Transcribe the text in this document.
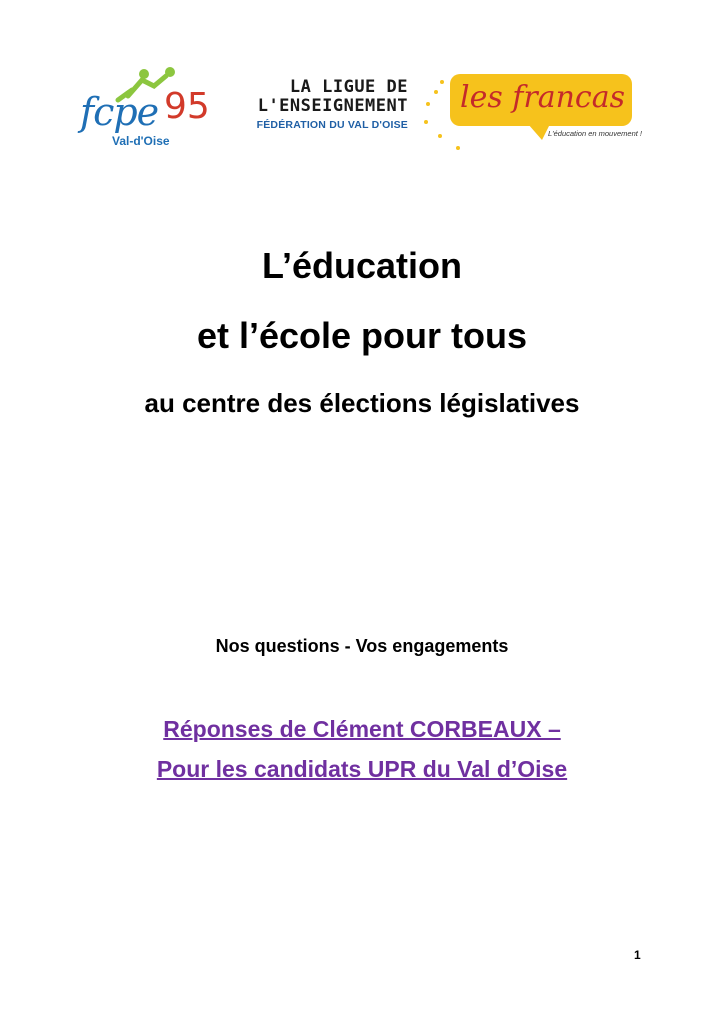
fcpe 95
Val-d'Oise
LA LIGUE DE
L'ENSEIGNEMENT
FÉDÉRATION DU VAL D'OISE
les francas
L'éducation en mouvement !
L’éducation
et l’école pour tous
au centre des élections législatives
Nos questions - Vos engagements
Réponses de Clément CORBEAUX –
Pour les candidats UPR du Val d’Oise
1
